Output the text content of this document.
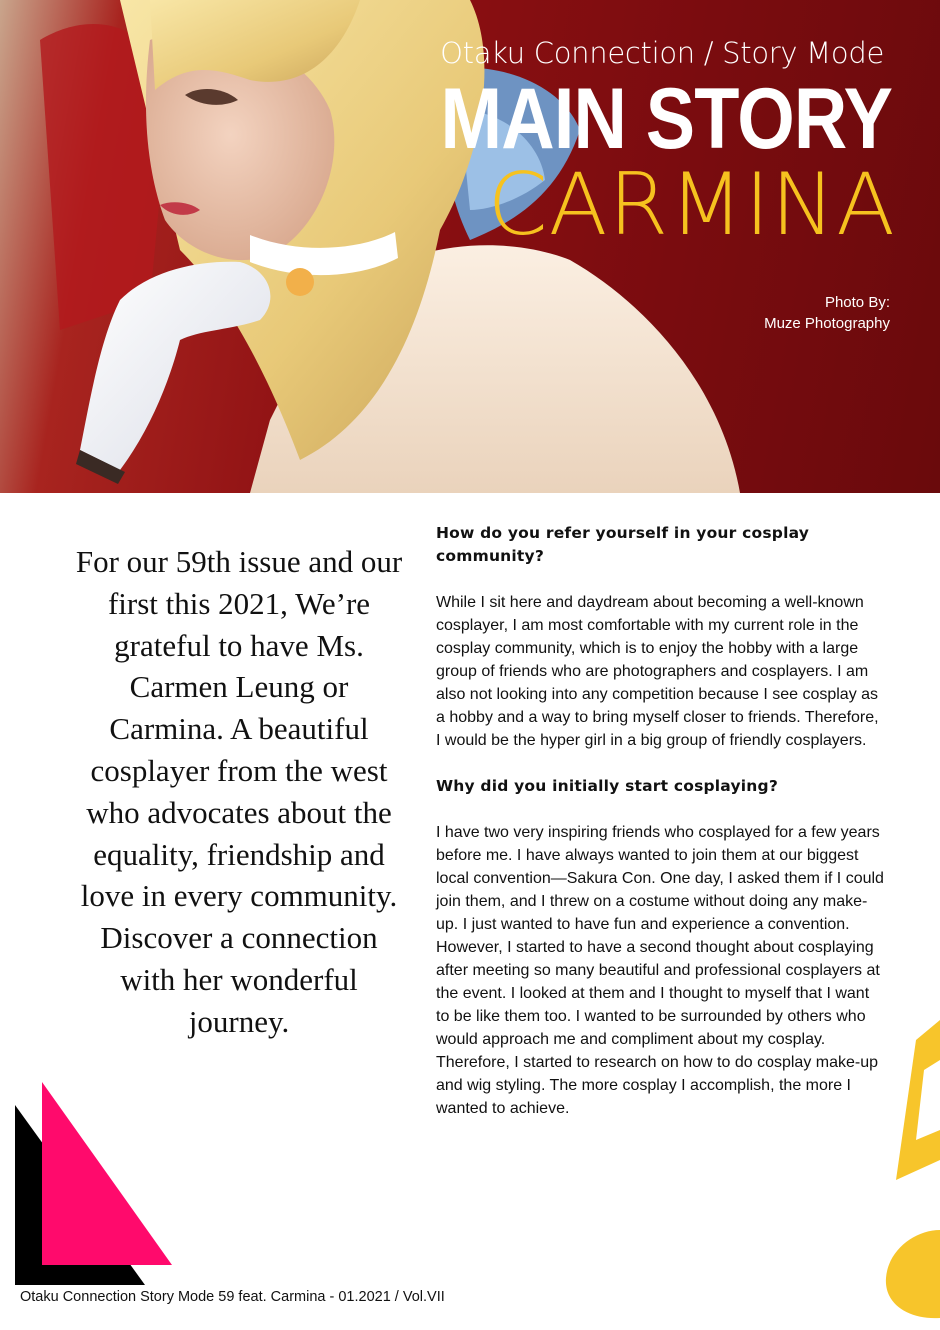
Otaku Connection / Story Mode
MAIN STORY
CARMINA
Photo By:
Muze Photography

For our 59th issue and our first this 2021, We’re grateful to have Ms. Carmen Leung or Carmina. A beautiful cosplayer from the west who advocates about the equality, friendship and love in every community. Discover a connection with her wonderful journey.

How do you refer yourself in your cosplay community?

While I sit here and daydream about becoming a well-known cosplayer, I am most comfortable with my current role in the cosplay community, which is to enjoy the hobby with a large group of friends who are photographers and cosplayers. I am also not looking into any competition because I see cosplay as a hobby and a way to bring myself closer to friends. Therefore, I would be the hyper girl in a big group of friendly cosplayers.

Why did you initially start cosplaying?

I have two very inspiring friends who cosplayed for a few years before me. I have always wanted to join them at our biggest local convention—Sakura Con. One day, I asked them if I could join them, and I threw on a costume without doing any make-up. I just wanted to have fun and experience a convention. However, I started to have a second thought about cosplaying after meeting so many beautiful and professional cosplayers at the event. I looked at them and I thought to myself that I want to be like them too. I wanted to be surrounded by others who would approach me and compliment about my cosplay. Therefore, I started to research on how to do cosplay make-up and wig styling. The more cosplay I accomplish, the more I wanted to achieve.

Otaku Connection Story Mode 59 feat. Carmina - 01.2021 / Vol.VII
